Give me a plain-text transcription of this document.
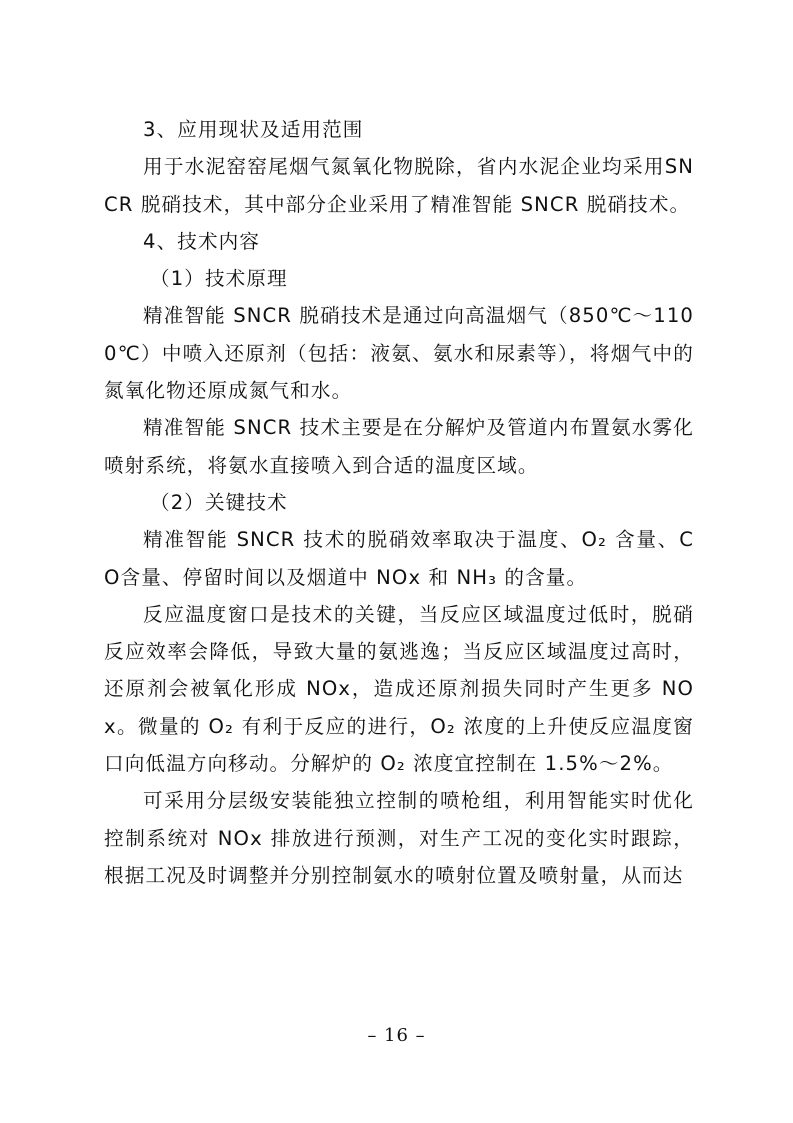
3、应用现状及适用范围

用于水泥窑窑尾烟气氮氧化物脱除，省内水泥企业均采用SNCR 脱硝技术，其中部分企业采用了精准智能 SNCR 脱硝技术。

4、技术内容

（1）技术原理

精准智能 SNCR 脱硝技术是通过向高温烟气（850℃～1100℃）中喷入还原剂（包括：液氨、氨水和尿素等），将烟气中的氮氧化物还原成氮气和水。

精准智能 SNCR 技术主要是在分解炉及管道内布置氨水雾化喷射系统，将氨水直接喷入到合适的温度区域。

（2）关键技术

精准智能 SNCR 技术的脱硝效率取决于温度、O₂ 含量、CO含量、停留时间以及烟道中 NOx 和 NH₃ 的含量。

反应温度窗口是技术的关键，当反应区域温度过低时，脱硝反应效率会降低，导致大量的氨逃逸；当反应区域温度过高时，还原剂会被氧化形成 NOx，造成还原剂损失同时产生更多 NOx。微量的 O₂ 有利于反应的进行，O₂ 浓度的上升使反应温度窗口向低温方向移动。分解炉的 O₂ 浓度宜控制在 1.5%～2%。

可采用分层级安装能独立控制的喷枪组，利用智能实时优化控制系统对 NOx 排放进行预测，对生产工况的变化实时跟踪，根据工况及时调整并分别控制氨水的喷射位置及喷射量，从而达

– 16 –
